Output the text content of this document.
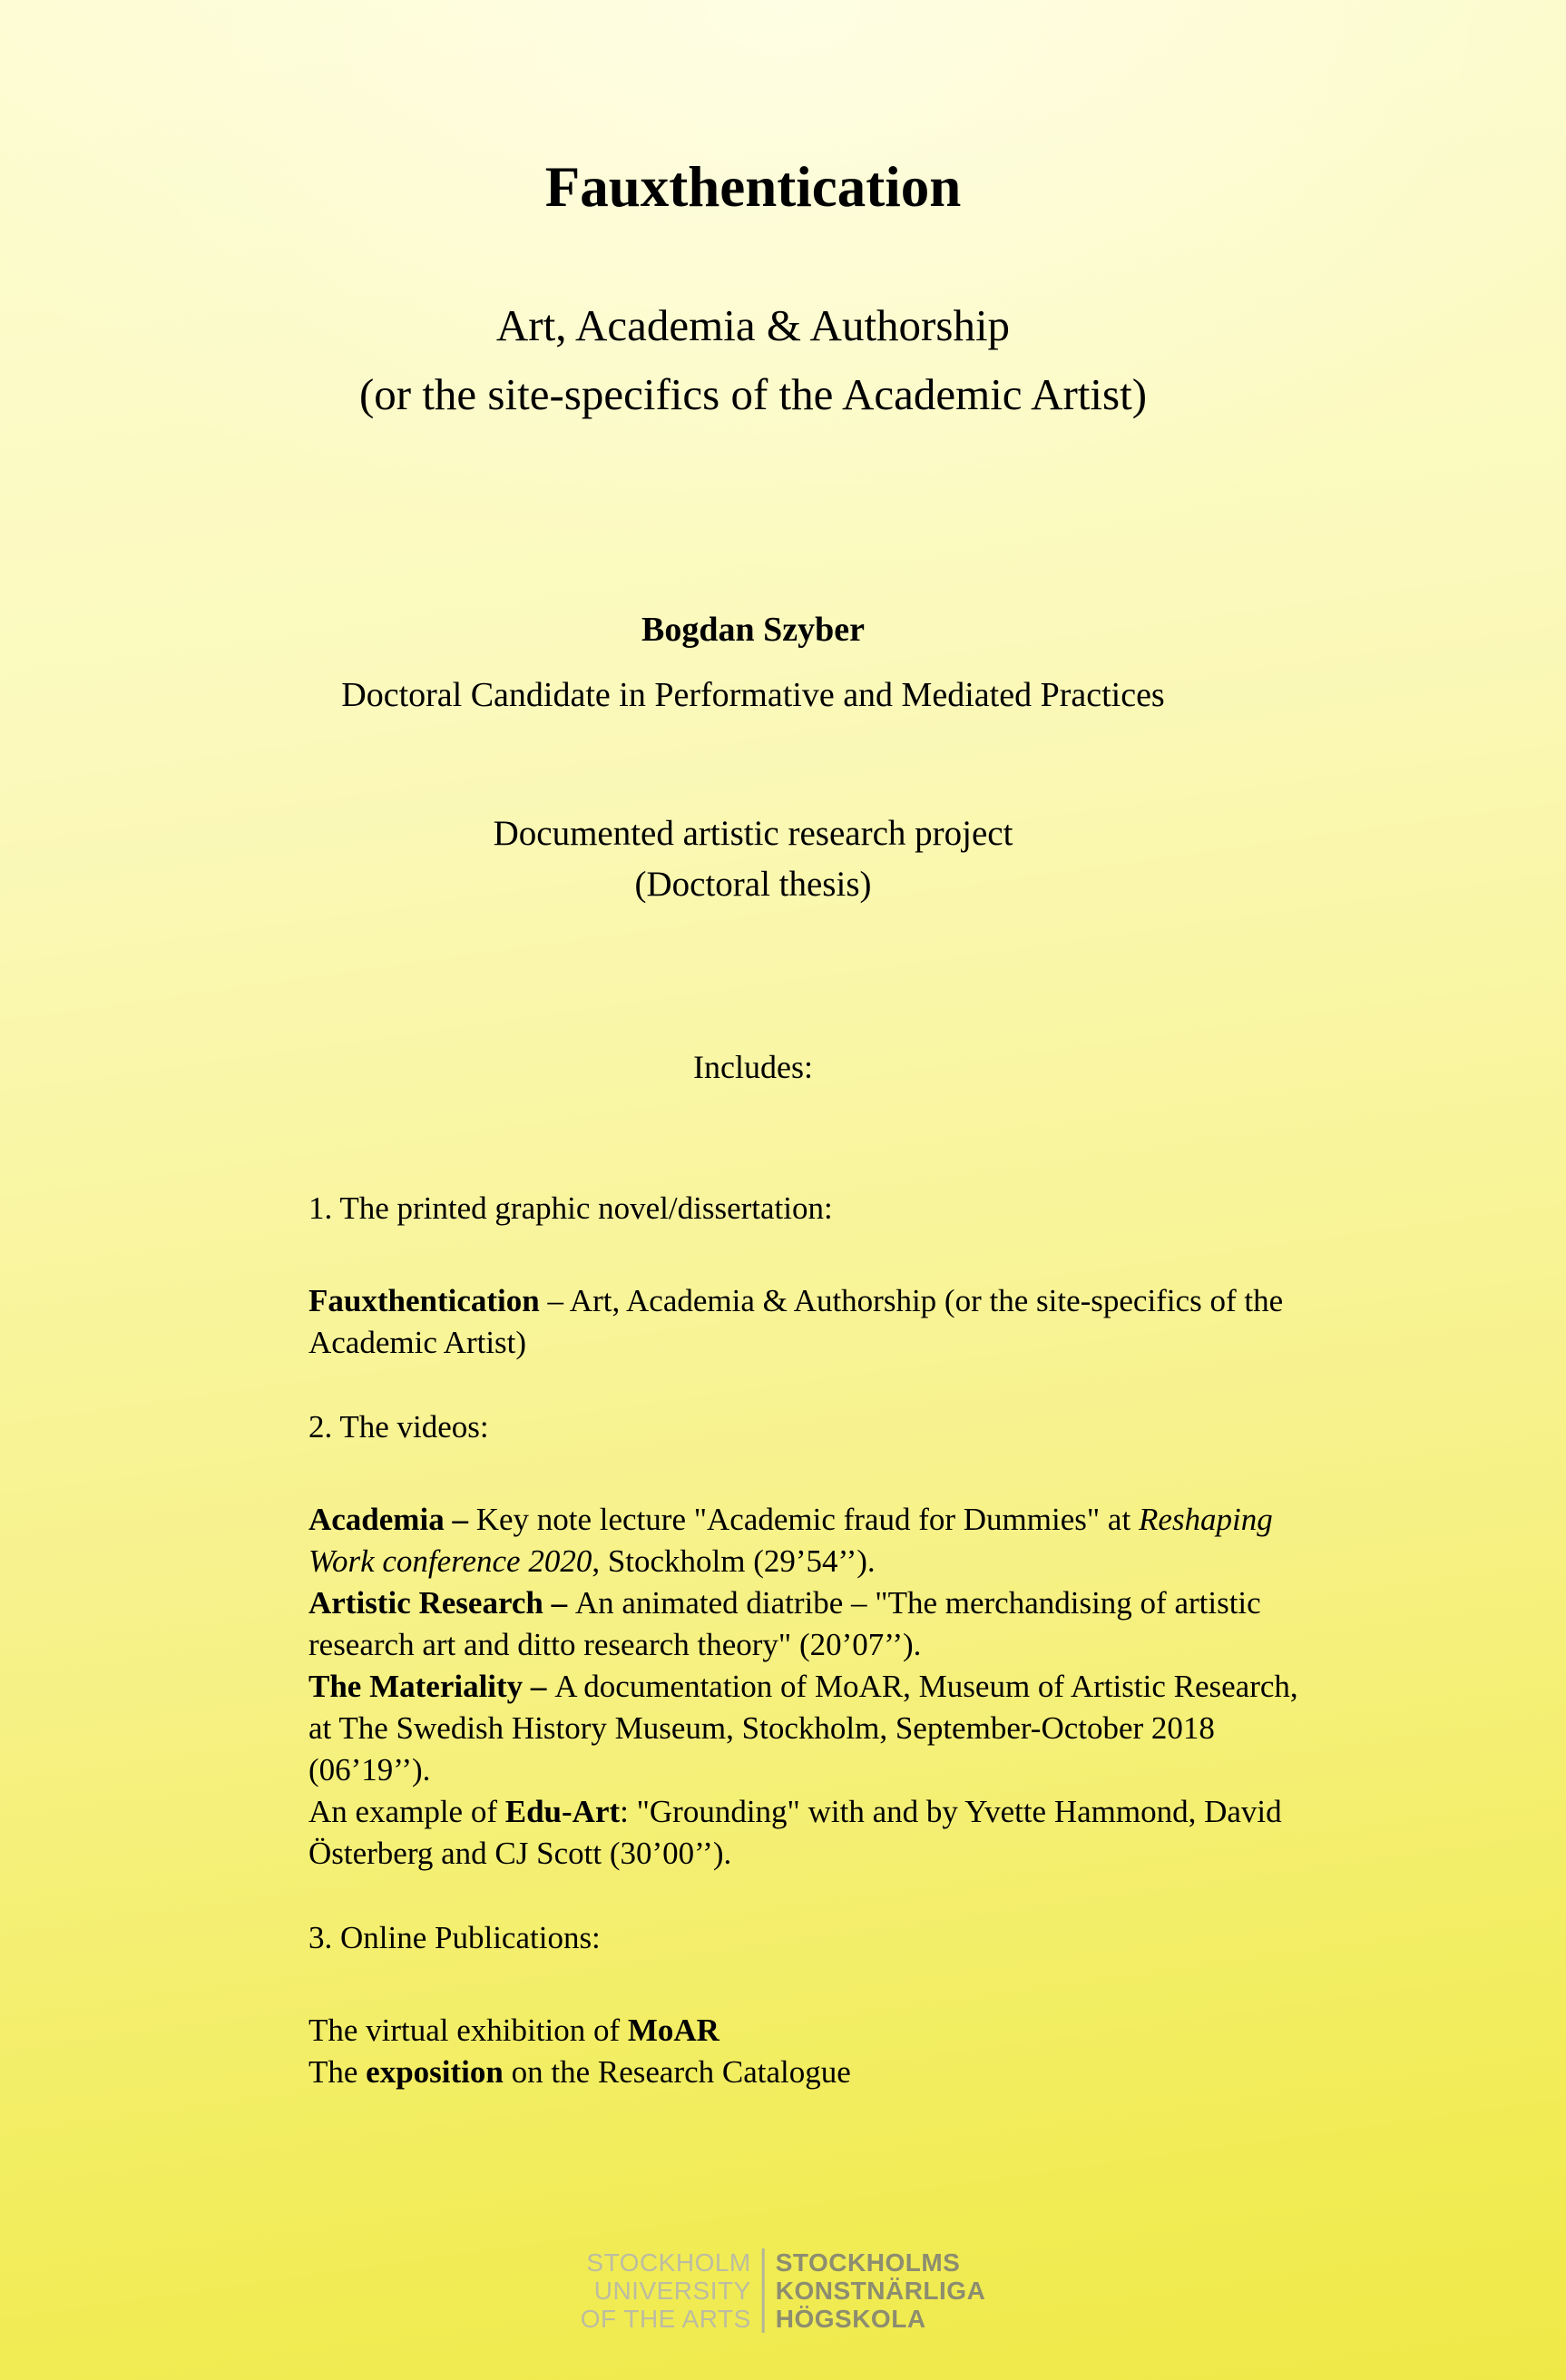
Fauxthentication
Art, Academia & Authorship
(or the site-specifics of the Academic Artist)

Bogdan Szyber

Doctoral Candidate in Performative and Mediated Practices

Documented artistic research project
(Doctoral thesis)

Includes:

1. The printed graphic novel/dissertation:

Fauxthentication – Art, Academia & Authorship (or the site-specifics of the Academic Artist)

2. The videos:

Academia – Key note lecture "Academic fraud for Dummies" at Reshaping Work conference 2020, Stockholm (29’54’’).

Artistic Research – An animated diatribe – "The merchandising of artistic research art and ditto research theory" (20’07’’).

The Materiality – A documentation of MoAR, Museum of Artistic Research, at The Swedish History Museum, Stockholm, September-October 2018 (06’19’’).

An example of Edu-Art: "Grounding" with and by Yvette Hammond, David Österberg and CJ Scott (30’00’’).

3. Online Publications:

The virtual exhibition of MoAR

The exposition on the Research Catalogue

STOCKHOLM
UNIVERSITY
OF THE ARTS
STOCKHOLMS
KONSTNÄRLIGA
HÖGSKOLA
